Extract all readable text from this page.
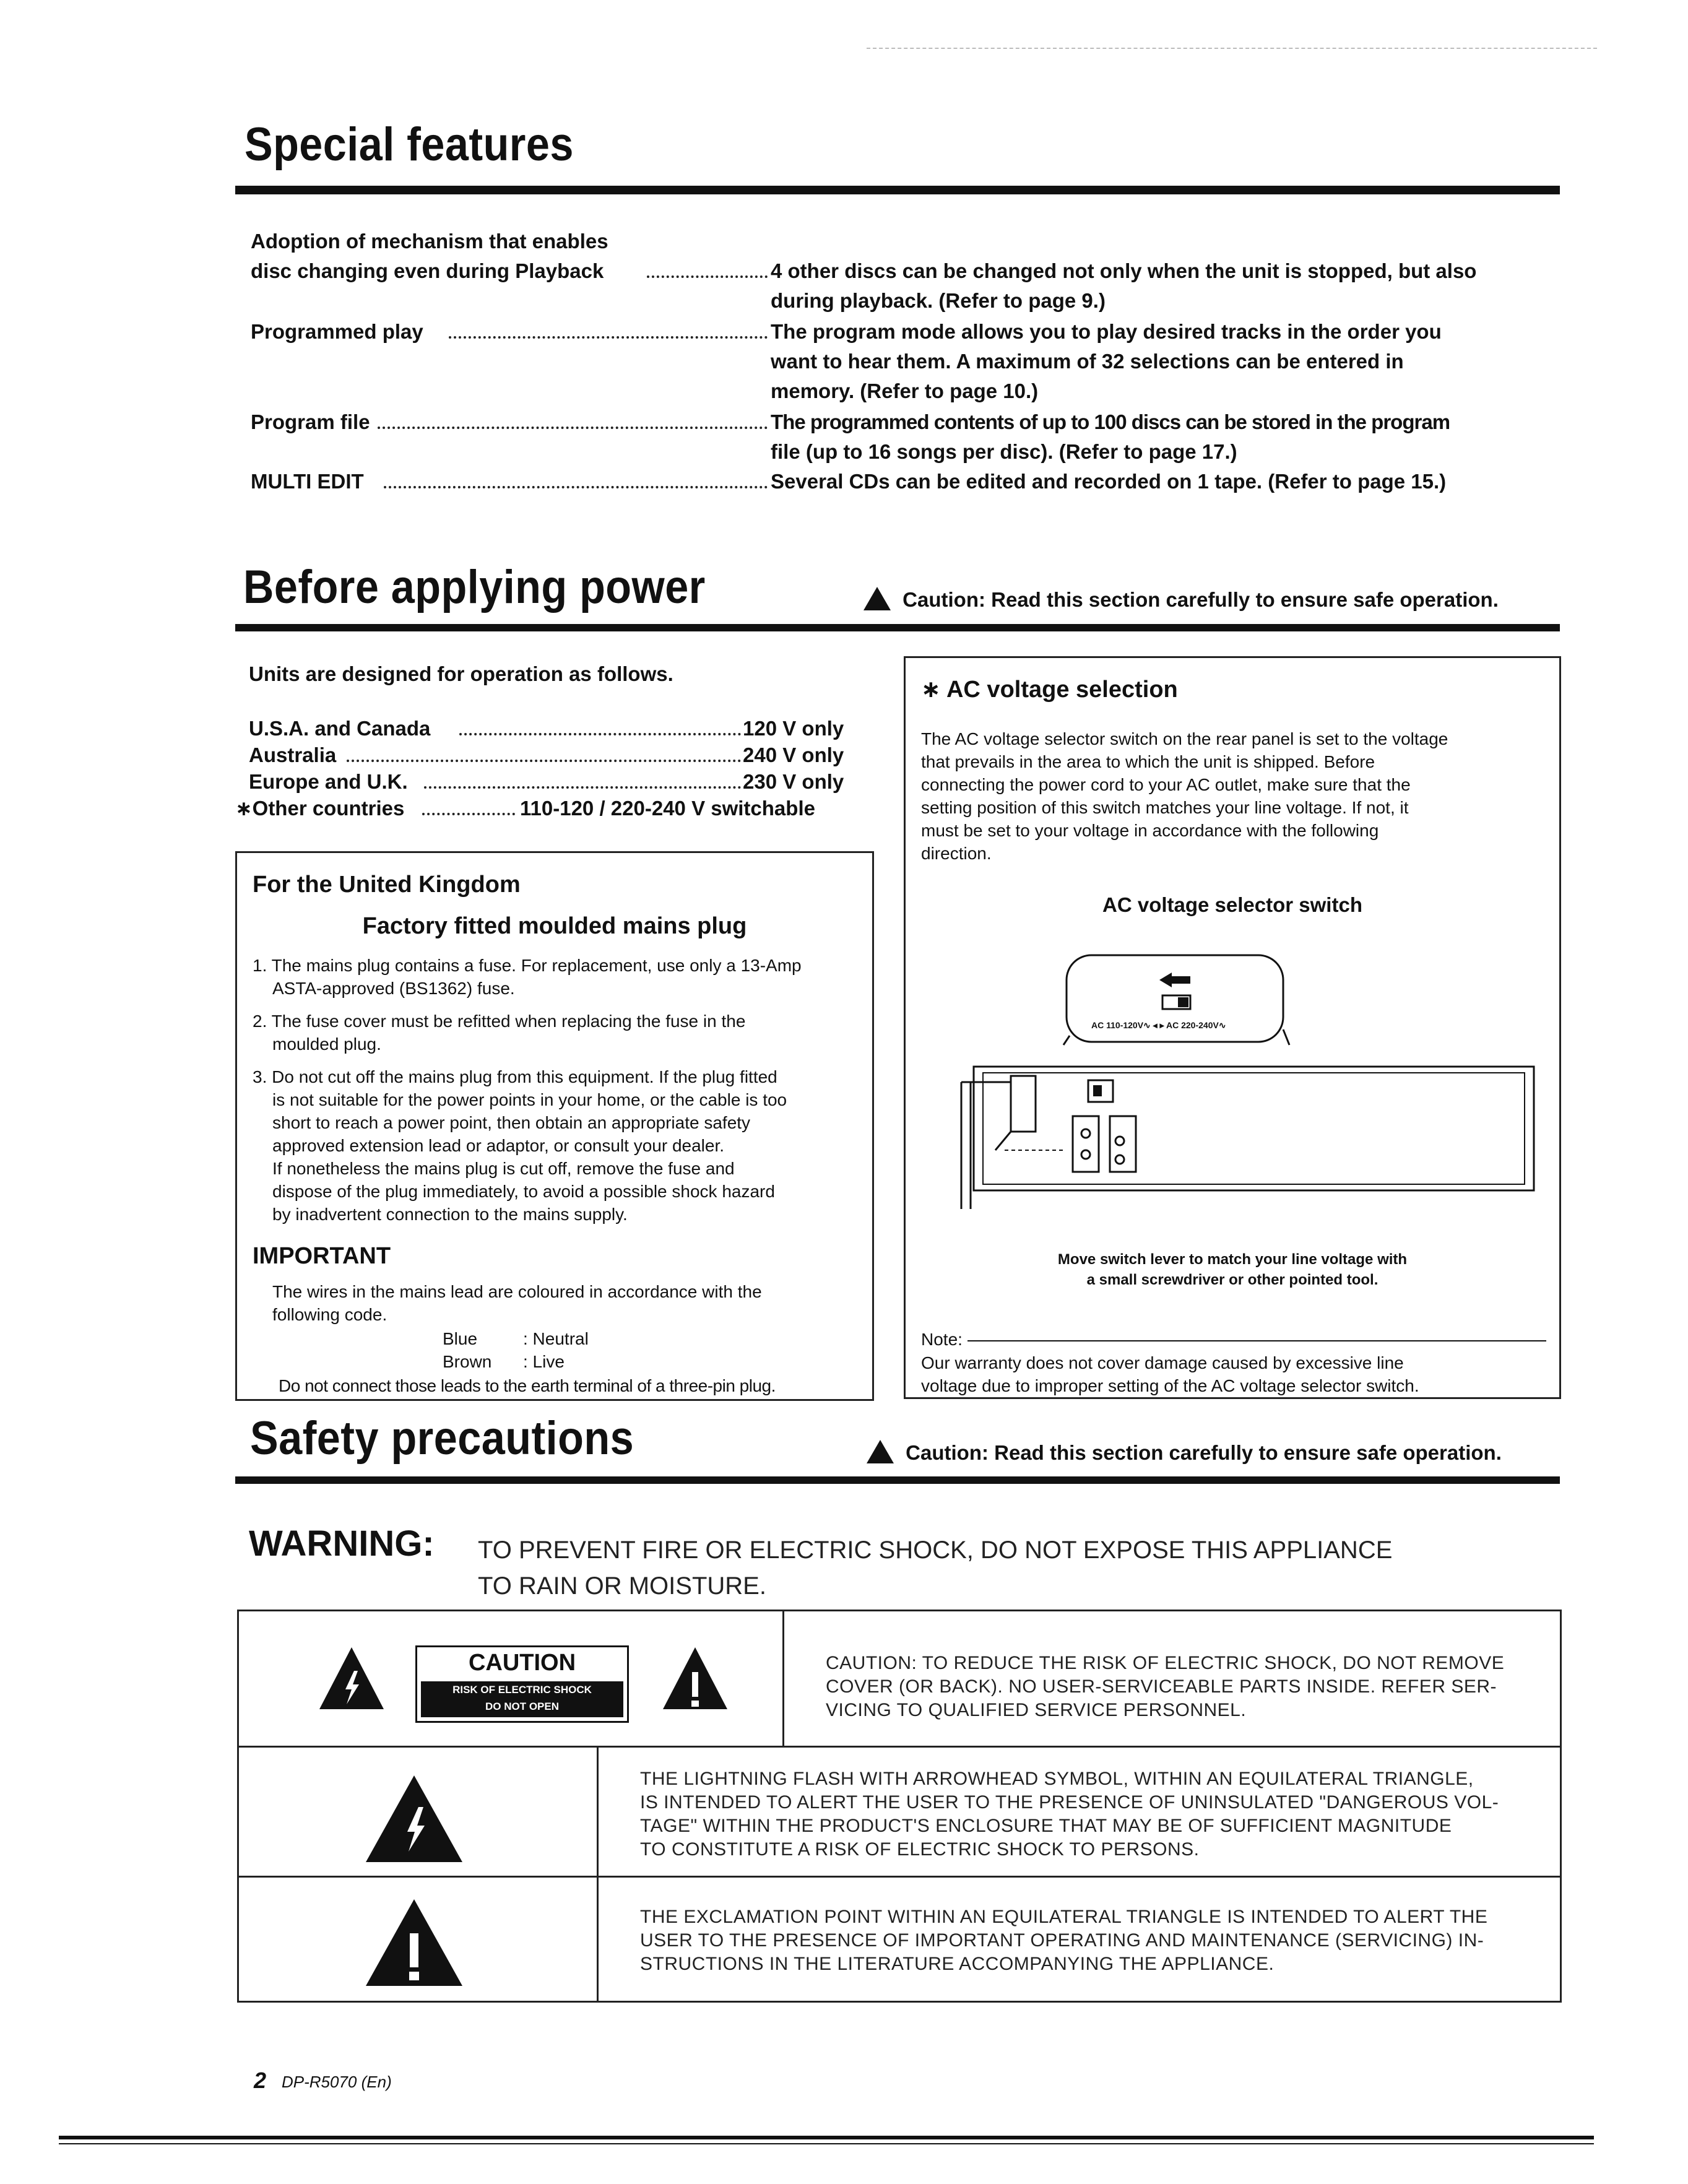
Special features
Adoption of mechanism that enables
disc changing even during Playback	4 other discs can be changed not only when the unit is stopped, but also
during playback. (Refer to page 9.)
Programmed play	The program mode allows you to play desired tracks in the order you
want to hear them. A maximum of 32 selections can be entered in
memory. (Refer to page 10.)
Program file	The programmed contents of up to 100 discs can be stored in the program
file (up to 16 songs per disc). (Refer to page 17.)
MULTI EDIT	Several CDs can be edited and recorded on 1 tape. (Refer to page 15.)
Before applying power	Caution: Read this section carefully to ensure safe operation.
Units are designed for operation as follows.
U.S.A. and Canada	120 V only
Australia	240 V only
Europe and U.K.	230 V only
∗Other countries	110-120 / 220-240 V switchable
For the United Kingdom
Factory fitted moulded mains plug
1. The mains plug contains a fuse. For replacement, use only a 13-Amp
ASTA-approved (BS1362) fuse.
2. The fuse cover must be refitted when replacing the fuse in the
moulded plug.
3. Do not cut off the mains plug from this equipment. If the plug fitted
is not suitable for the power points in your home, or the cable is too
short to reach a power point, then obtain an appropriate safety
approved extension lead or adaptor, or consult your dealer.
If nonetheless the mains plug is cut off, remove the fuse and
dispose of the plug immediately, to avoid a possible shock hazard
by inadvertent connection to the mains supply.
IMPORTANT
The wires in the mains lead are coloured in accordance with the
following code.
Blue	: Neutral
Brown : Live
Do not connect those leads to the earth terminal of a three-pin plug.
∗ AC voltage selection
The AC voltage selector switch on the rear panel is set to the voltage
that prevails in the area to which the unit is shipped. Before
connecting the power cord to your AC outlet, make sure that the
setting position of this switch matches your line voltage. If not, it
must be set to your voltage in accordance with the following
direction.
AC voltage selector switch
AC 110-120V∿ ◂ ▸ AC 220-240V∿
Move switch lever to match your line voltage with
a small screwdriver or other pointed tool.
Note:
Our warranty does not cover damage caused by excessive line
voltage due to improper setting of the AC voltage selector switch.
Safety precautions	Caution: Read this section carefully to ensure safe operation.
WARNING: TO PREVENT FIRE OR ELECTRIC SHOCK, DO NOT EXPOSE THIS APPLIANCE
TO RAIN OR MOISTURE.
CAUTION
RISK OF ELECTRIC SHOCK
DO NOT OPEN
CAUTION: TO REDUCE THE RISK OF ELECTRIC SHOCK, DO NOT REMOVE
COVER (OR BACK). NO USER-SERVICEABLE PARTS INSIDE. REFER SER-
VICING TO QUALIFIED SERVICE PERSONNEL.
THE LIGHTNING FLASH WITH ARROWHEAD SYMBOL, WITHIN AN EQUILATERAL TRIANGLE,
IS INTENDED TO ALERT THE USER TO THE PRESENCE OF UNINSULATED "DANGEROUS VOL-
TAGE" WITHIN THE PRODUCT'S ENCLOSURE THAT MAY BE OF SUFFICIENT MAGNITUDE
TO CONSTITUTE A RISK OF ELECTRIC SHOCK TO PERSONS.
THE EXCLAMATION POINT WITHIN AN EQUILATERAL TRIANGLE IS INTENDED TO ALERT THE
USER TO THE PRESENCE OF IMPORTANT OPERATING AND MAINTENANCE (SERVICING) IN-
STRUCTIONS IN THE LITERATURE ACCOMPANYING THE APPLIANCE.
2 DP-R5070 (En)
